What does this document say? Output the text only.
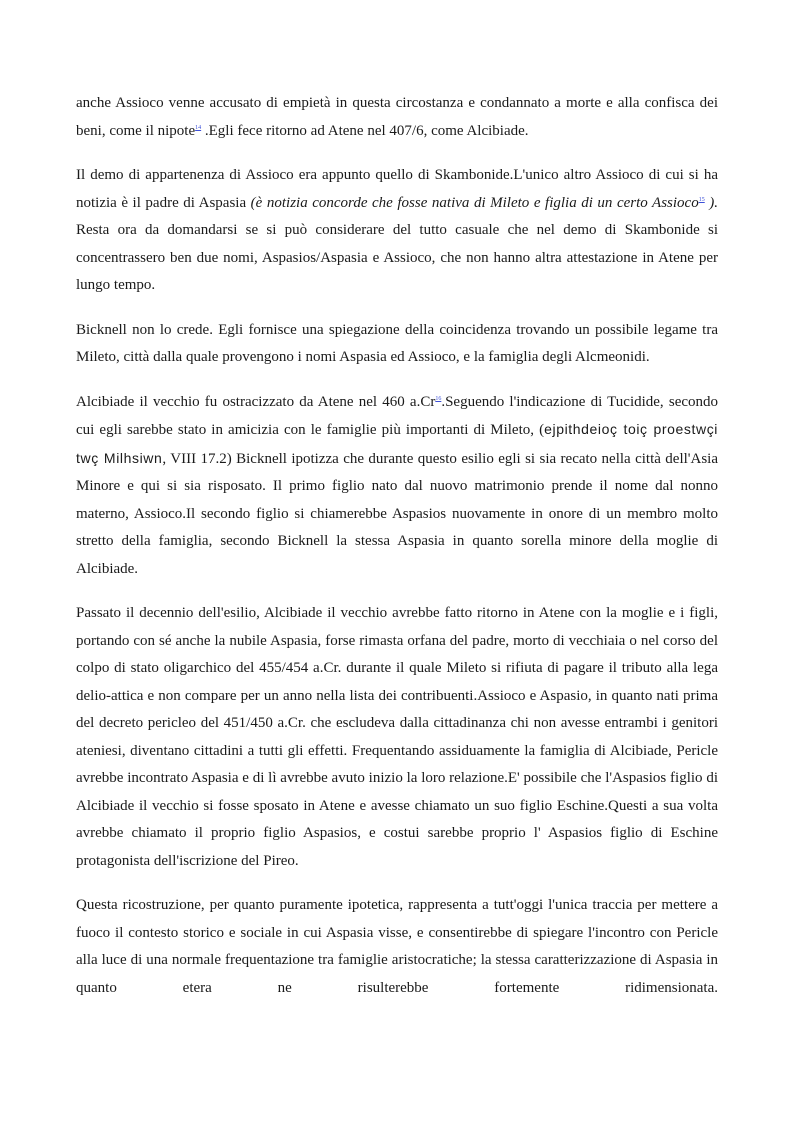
anche Assioco venne accusato di empietà in questa circostanza e condannato a morte e alla confisca dei beni, come il nipote$^{14}$ .Egli fece ritorno ad Atene nel 407/6, come Alcibiade.

Il demo di appartenenza di Assioco era appunto quello di Skambonide.L'unico altro Assioco di cui si ha notizia è il padre di Aspasia (è notizia concorde che fosse nativa di Mileto e figlia di un certo Assioco$^{15}$ ). Resta ora da domandarsi se si può considerare del tutto casuale che nel demo di Skambonide si concentrassero ben due nomi, Aspasios/Aspasia e Assioco, che non hanno altra attestazione in Atene per lungo tempo.

Bicknell non lo crede. Egli fornisce una spiegazione della coincidenza trovando un possibile legame tra Mileto, città dalla quale provengono i nomi Aspasia ed Assioco, e la famiglia degli Alcmeonidi.

Alcibiade il vecchio fu ostracizzato da Atene nel 460 a.Cr$^{16}$.Seguendo l'indicazione di Tucidide, secondo cui egli sarebbe stato in amicizia con le famiglie più importanti di Mileto, (ejpithdeioç toiç proestwçi twç Milhsiwn, VIII 17.2) Bicknell ipotizza che durante questo esilio egli si sia recato nella città dell'Asia Minore e qui si sia risposato. Il primo figlio nato dal nuovo matrimonio prende il nome dal nonno materno, Assioco.Il secondo figlio si chiamerebbe Aspasios nuovamente in onore di un membro molto stretto della famiglia, secondo Bicknell la stessa Aspasia in quanto sorella minore della moglie di Alcibiade.

Passato il decennio dell'esilio, Alcibiade il vecchio avrebbe fatto ritorno in Atene con la moglie e i figli, portando con sé anche la nubile Aspasia, forse rimasta orfana del padre, morto di vecchiaia o nel corso del colpo di stato oligarchico del 455/454 a.Cr. durante il quale Mileto si rifiuta di pagare il tributo alla lega delio-attica e non compare per un anno nella lista dei contribuenti.Assioco e Aspasio, in quanto nati prima del decreto pericleo del 451/450 a.Cr. che escludeva dalla cittadinanza chi non avesse entrambi i genitori ateniesi, diventano cittadini a tutti gli effetti. Frequentando assiduamente la famiglia di Alcibiade, Pericle avrebbe incontrato Aspasia e di lì avrebbe avuto inizio la loro relazione.E' possibile che l'Aspasios figlio di Alcibiade il vecchio si fosse sposato in Atene e avesse chiamato un suo figlio Eschine.Questi a sua volta avrebbe chiamato il proprio figlio Aspasios, e costui sarebbe proprio l' Aspasios figlio di Eschine protagonista dell'iscrizione del Pireo.

Questa ricostruzione, per quanto puramente ipotetica, rappresenta a tutt'oggi l'unica traccia per mettere a fuoco il contesto storico e sociale in cui Aspasia visse, e consentirebbe di spiegare l'incontro con Pericle alla luce di una normale frequentazione tra famiglie aristocratiche; la stessa caratterizzazione di Aspasia in quanto etera ne risulterebbe fortemente ridimensionata.
